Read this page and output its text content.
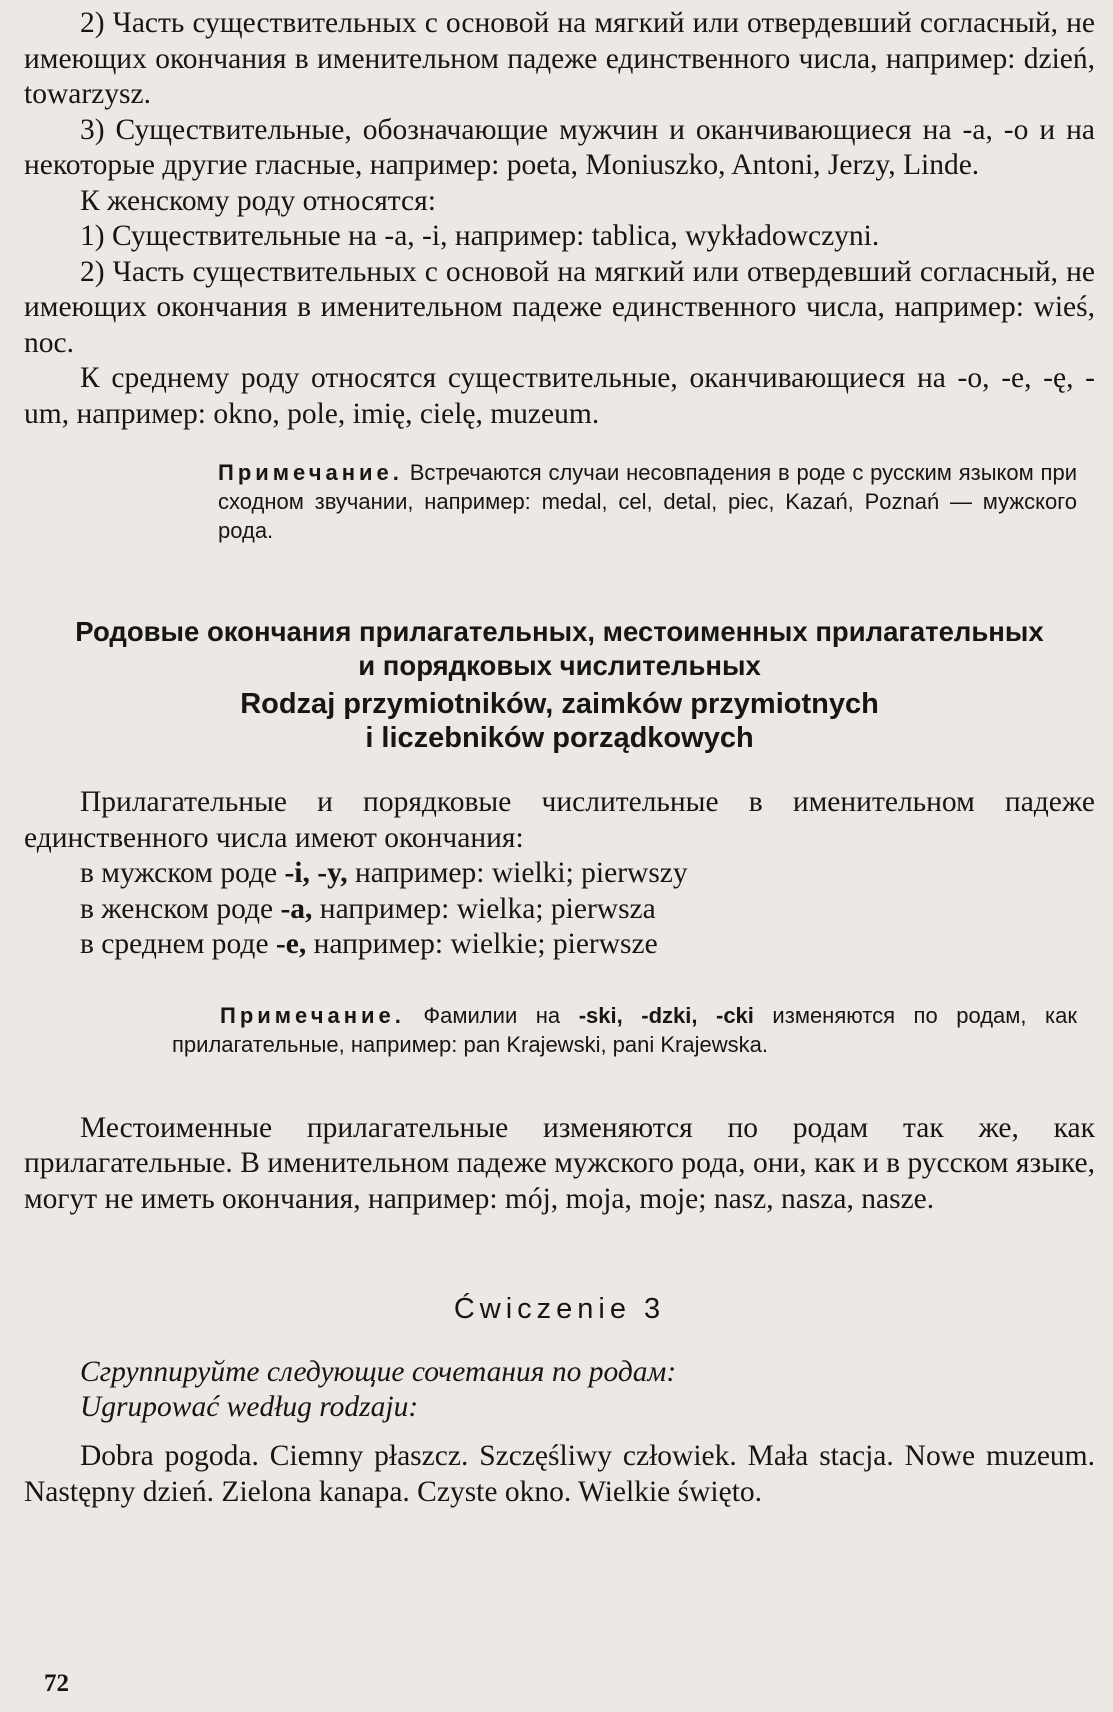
2) Часть существительных с основой на мягкий или отвердевший согласный, не имеющих окончания в именительном падеже единственного числа, например: dzień, towarzysz.

3) Существительные, обозначающие мужчин и оканчивающиеся на -a, -o и на некоторые другие гласные, например: poeta, Moniuszko, Antoni, Jerzy, Linde.

К женскому роду относятся:

1) Существительные на -a, -i, например: tablica, wykładowczyni.

2) Часть существительных с основой на мягкий или отвердевший согласный, не имеющих окончания в именительном падеже единственного числа, например: wieś, noc.

К среднему роду относятся существительные, оканчивающиеся на -o, -e, -ę, -um, например: okno, pole, imię, cielę, muzeum.

Примечание. Встречаются случаи несовпадения в роде с русским языком при сходном звучании, например: medal, cel, detal, piec, Kazań, Poznań — мужского рода.

Родовые окончания прилагательных, местоименных прилагательных
и порядковых числительных
Rodzaj przymiotników, zaimków przymiotnych
i liczebników porządkowych

Прилагательные и порядковые числительные в именительном падеже единственного числа имеют окончания:

в мужском роде -i, -y, например: wielki; pierwszy

в женском роде -a, например: wielka; pierwsza

в среднем роде -e, например: wielkie; pierwsze

Примечание. Фамилии на -ski, -dzki, -cki изменяются по родам, как прилагательные, например: pan Krajewski, pani Krajewska.

Местоименные прилагательные изменяются по родам так же, как прилагательные. В именительном падеже мужского рода, они, как и в русском языке, могут не иметь окончания, например: mój, moja, moje; nasz, nasza, nasze.

Ćwiczenie 3
Сгруппируйте следующие сочетания по родам:
Ugrupować według rodzaju:

Dobra pogoda. Ciemny płaszcz. Szczęśliwy człowiek. Mała stacja. Nowe muzeum. Następny dzień. Zielona kanapa. Czyste okno. Wielkie święto.

72
